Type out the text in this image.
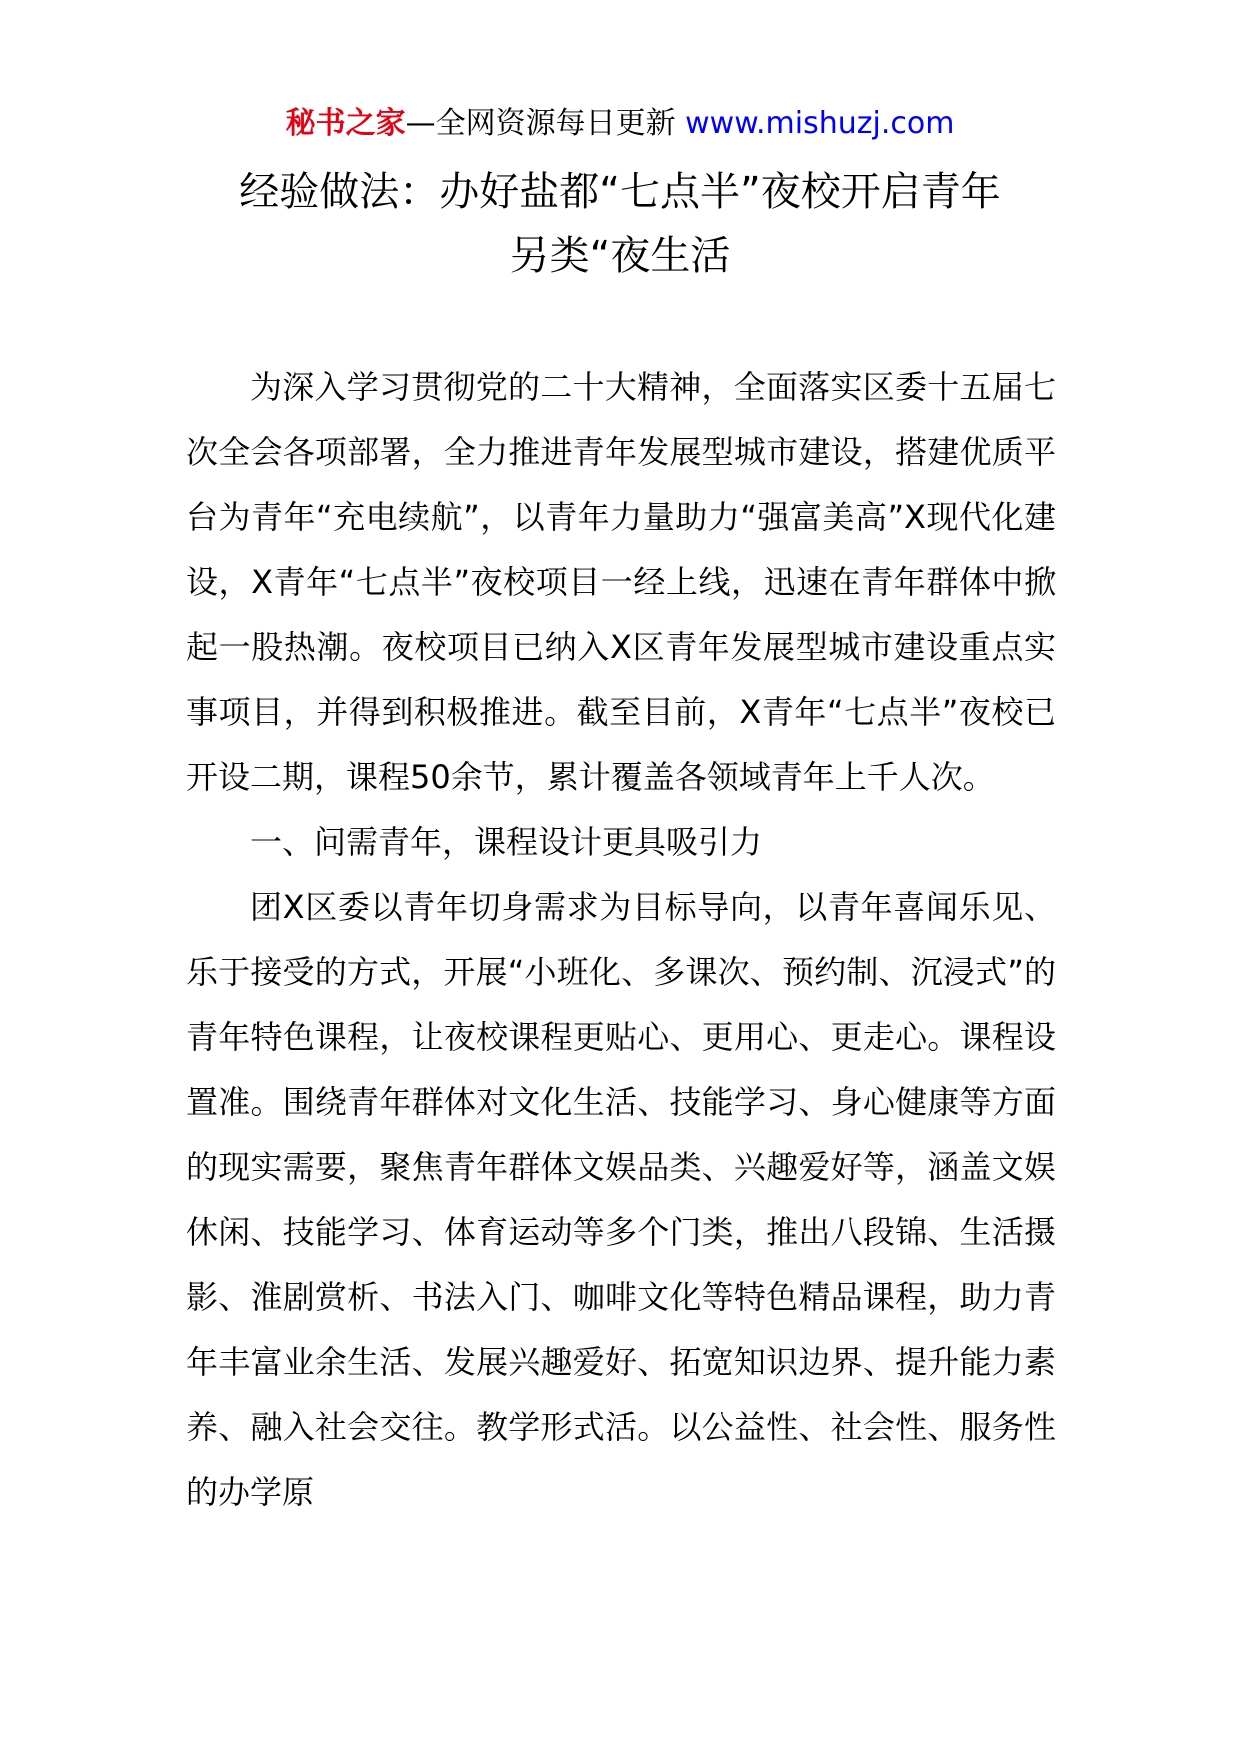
秘书之家—全网资源每日更新 www.mishuzj.com
经验做法：办好盐都“七点半”夜校开启青年
另类“夜生活

为深入学习贯彻党的二十大精神，全面落实区委十五届七次全会各项部署，全力推进青年发展型城市建设，搭建优质平台为青年“充电续航”，以青年力量助力“强富美高”X现代化建设，X青年“七点半”夜校项目一经上线，迅速在青年群体中掀起一股热潮。夜校项目已纳入X区青年发展型城市建设重点实事项目，并得到积极推进。截至目前，X青年“七点半”夜校已开设二期，课程50余节，累计覆盖各领域青年上千人次。

一、问需青年，课程设计更具吸引力

团X区委以青年切身需求为目标导向，以青年喜闻乐见、乐于接受的方式，开展“小班化、多课次、预约制、沉浸式”的青年特色课程，让夜校课程更贴心、更用心、更走心。课程设置准。围绕青年群体对文化生活、技能学习、身心健康等方面的现实需要，聚焦青年群体文娱品类、兴趣爱好等，涵盖文娱休闲、技能学习、体育运动等多个门类，推出八段锦、生活摄影、淮剧赏析、书法入门、咖啡文化等特色精品课程，助力青年丰富业余生活、发展兴趣爱好、拓宽知识边界、提升能力素养、融入社会交往。教学形式活。以公益性、社会性、服务性的办学原
